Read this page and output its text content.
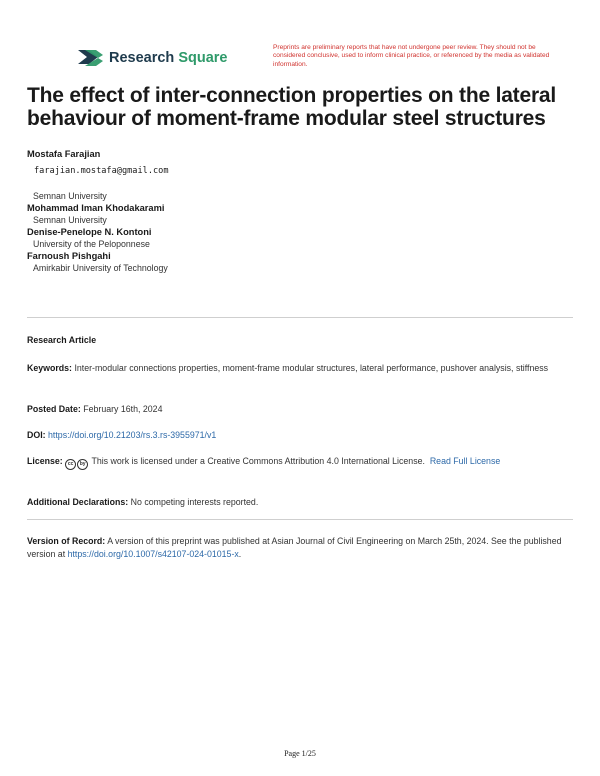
Research Square
Preprints are preliminary reports that have not undergone peer review. They should not be considered conclusive, used to inform clinical practice, or referenced by the media as validated information.
The effect of inter-connection properties on the lateral behaviour of moment-frame modular steel structures
Mostafa Farajian
farajian.mostafa@gmail.com
Semnan University
Mohammad Iman Khodakarami
Semnan University
Denise-Penelope N. Kontoni
University of the Peloponnese
Farnoush Pishgahi
Amirkabir University of Technology
Research Article
Keywords: Inter-modular connections properties, moment-frame modular structures, lateral performance, pushover analysis, stiffness
Posted Date: February 16th, 2024
DOI: https://doi.org/10.21203/rs.3.rs-3955971/v1
License: cc by This work is licensed under a Creative Commons Attribution 4.0 International License. Read Full License
Additional Declarations: No competing interests reported.
Version of Record: A version of this preprint was published at Asian Journal of Civil Engineering on March 25th, 2024. See the published version at https://doi.org/10.1007/s42107-024-01015-x.
Page 1/25
